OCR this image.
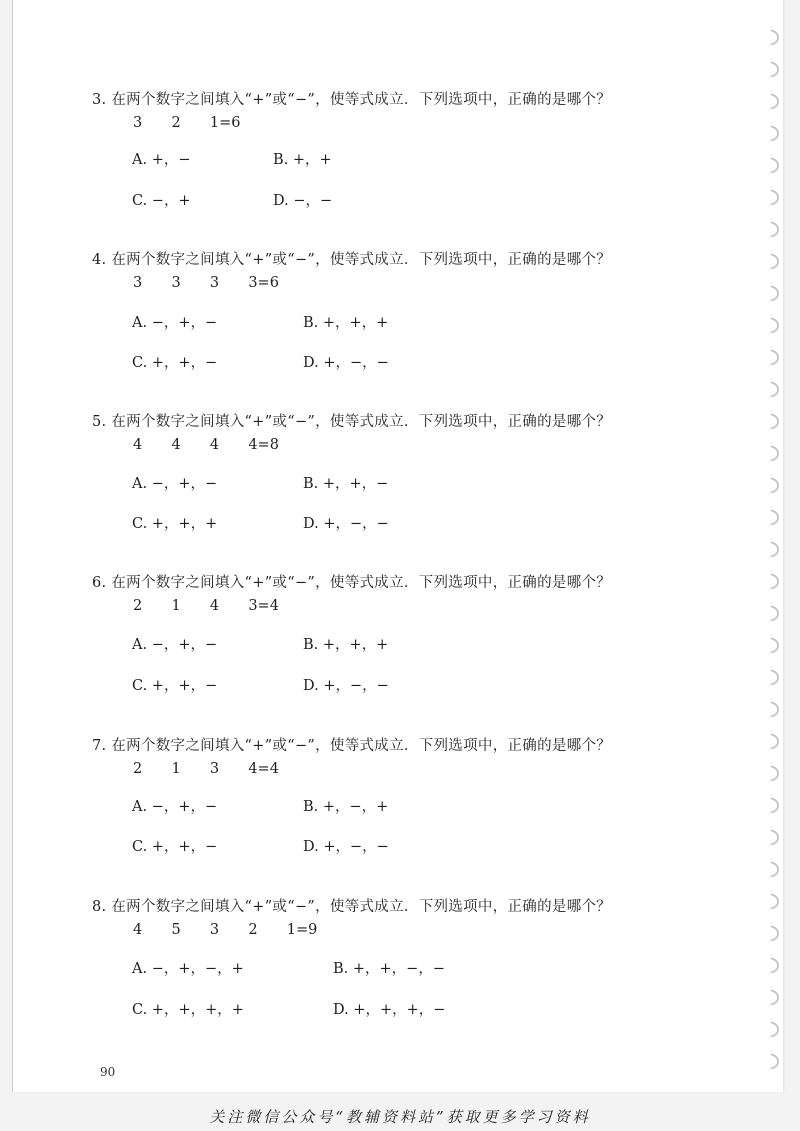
3. 在两个数字之间填入“+”或“−”，使等式成立．下列选项中，正确的是哪个？
3  2  1=6
A. +，−	B. +，+
C. −，+	D. −，−
4. 在两个数字之间填入“+”或“−”，使等式成立．下列选项中，正确的是哪个？
3  3  3  3=6
A. −，+，−	B. +，+，+
C. +，+，−	D. +，−，−
5. 在两个数字之间填入“+”或“−”，使等式成立．下列选项中，正确的是哪个？
4  4  4  4=8
A. −，+，−	B. +，+，−
C. +，+，+	D. +，−，−
6. 在两个数字之间填入“+”或“−”，使等式成立．下列选项中，正确的是哪个？
2  1  4  3=4
A. −，+，−	B. +，+，+
C. +，+，−	D. +，−，−
7. 在两个数字之间填入“+”或“−”，使等式成立．下列选项中，正确的是哪个？
2  1  3  4=4
A. −，+，−	B. +，−，+
C. +，+，−	D. +，−，−
8. 在两个数字之间填入“+”或“−”，使等式成立．下列选项中，正确的是哪个？
4  5  3  2  1=9
A. −，+，−，+	B. +，+，−，−
C. +，+，+，+	D. +，+，+，−
90
关注微信公众号“教辅资料站”获取更多学习资料
